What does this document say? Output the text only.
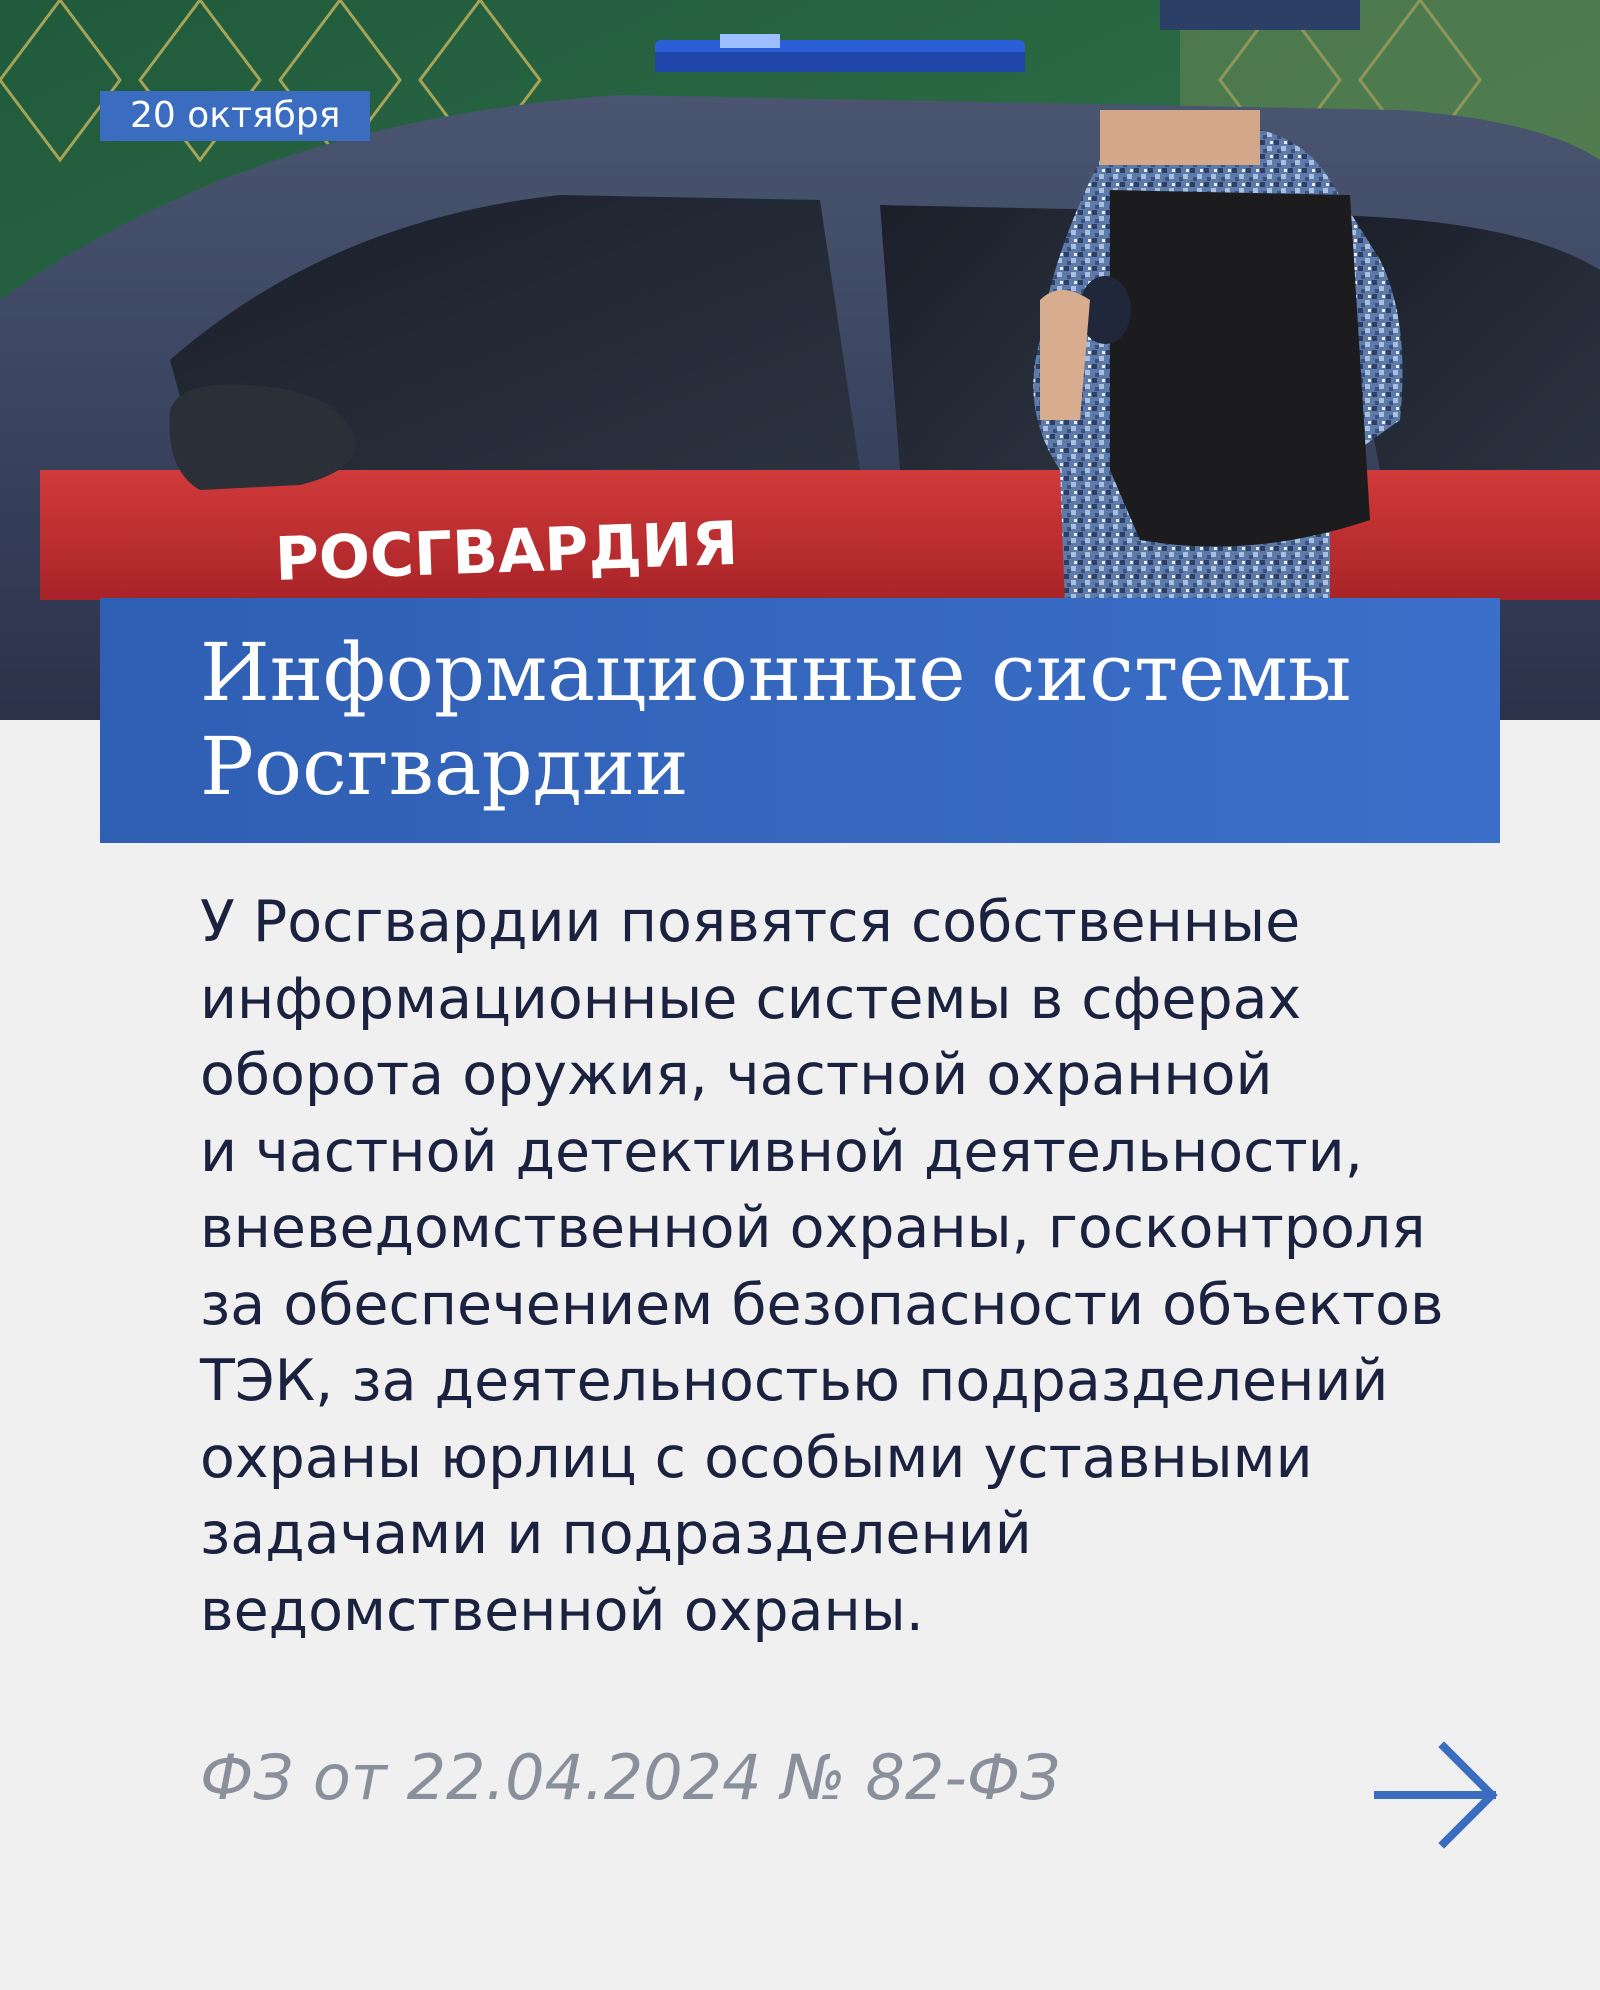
РОСГВАРДИЯ
20 октября
Информационные системы
Росгвардии
У Росгвардии появятся собственные
информационные системы в сферах
оборота оружия, частной охранной
и частной детективной деятельности,
вневедомственной охраны, госконтроля
за обеспечением безопасности объектов
ТЭК, за деятельностью подразделений
охраны юрлиц с особыми уставными
задачами и подразделений
ведомственной охраны.
ФЗ от 22.04.2024 № 82-ФЗ
